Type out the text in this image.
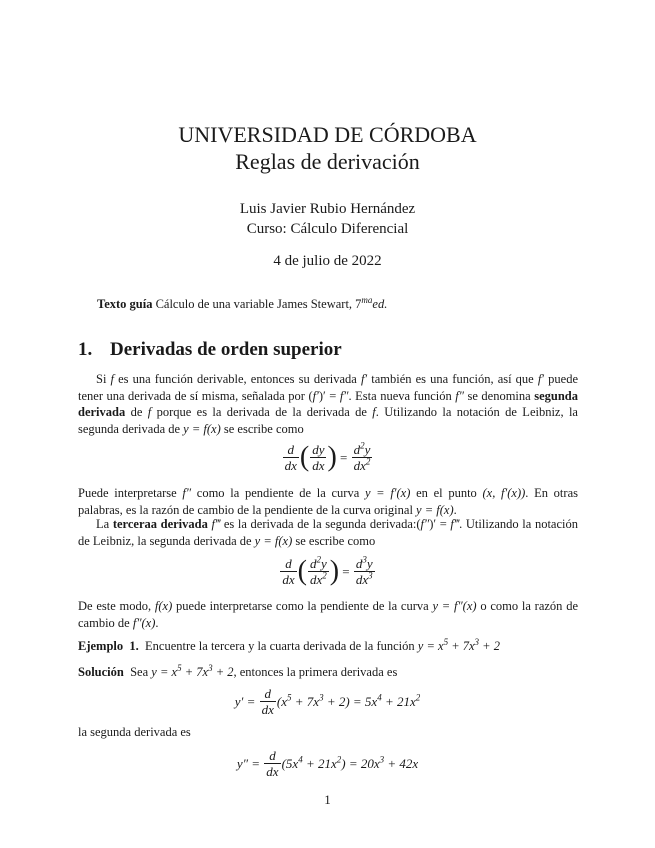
UNIVERSIDAD DE CÓRDOBA
Reglas de derivación
Luis Javier Rubio Hernández
Curso: Cálculo Diferencial
4 de julio de 2022
Texto guía Cálculo de una variable James Stewart, $7^{ma}ed$.
1. Derivadas de orden superior
Si f es una función derivable, entonces su derivada f′ también es una función, así que f′ puede tener una derivada de sí misma, señalada por (f′)′ = f″. Esta nueva función f″ se denomina segunda derivada de f porque es la derivada de la derivada de f. Utilizando la notación de Leibniz, la segunda derivada de y = f(x) se escribe como
$\frac{d}{dx}$ ( $\frac{dy}{dx}$ ) = $\frac{d^2y}{dx^2}$
Puede interpretarse f″ como la pendiente de la curva y = f′(x) en el punto (x, f′(x)). En otras palabras, es la razón de cambio de la pendiente de la curva original y = f(x).
La terceraa derivada f‴ es la derivada de la segunda derivada:(f″)′ = f‴. Utilizando la notación de Leibniz, la segunda derivada de y = f(x) se escribe como
$\frac{d}{dx}$ ( $\frac{d^2y}{dx^2}$ ) = $\frac{d^3y}{dx^3}$
De este modo, f(x) puede interpretarse como la pendiente de la curva y = f″(x) o como la razón de cambio de f″(x).
Ejemplo 1. Encuentre la tercera y la cuarta derivada de la función $y = x^5 + 7x^3 + 2$
Solución Sea $y = x^5 + 7x^3 + 2$, entonces la primera derivada es
$y' = \frac{d}{dx} (x^5 + 7x^3 + 2) = 5x^4 + 21x^2$
la segunda derivada es
$y'' = \frac{d}{dx} (5x^4 + 21x^2) = 20x^3 + 42x$
1
